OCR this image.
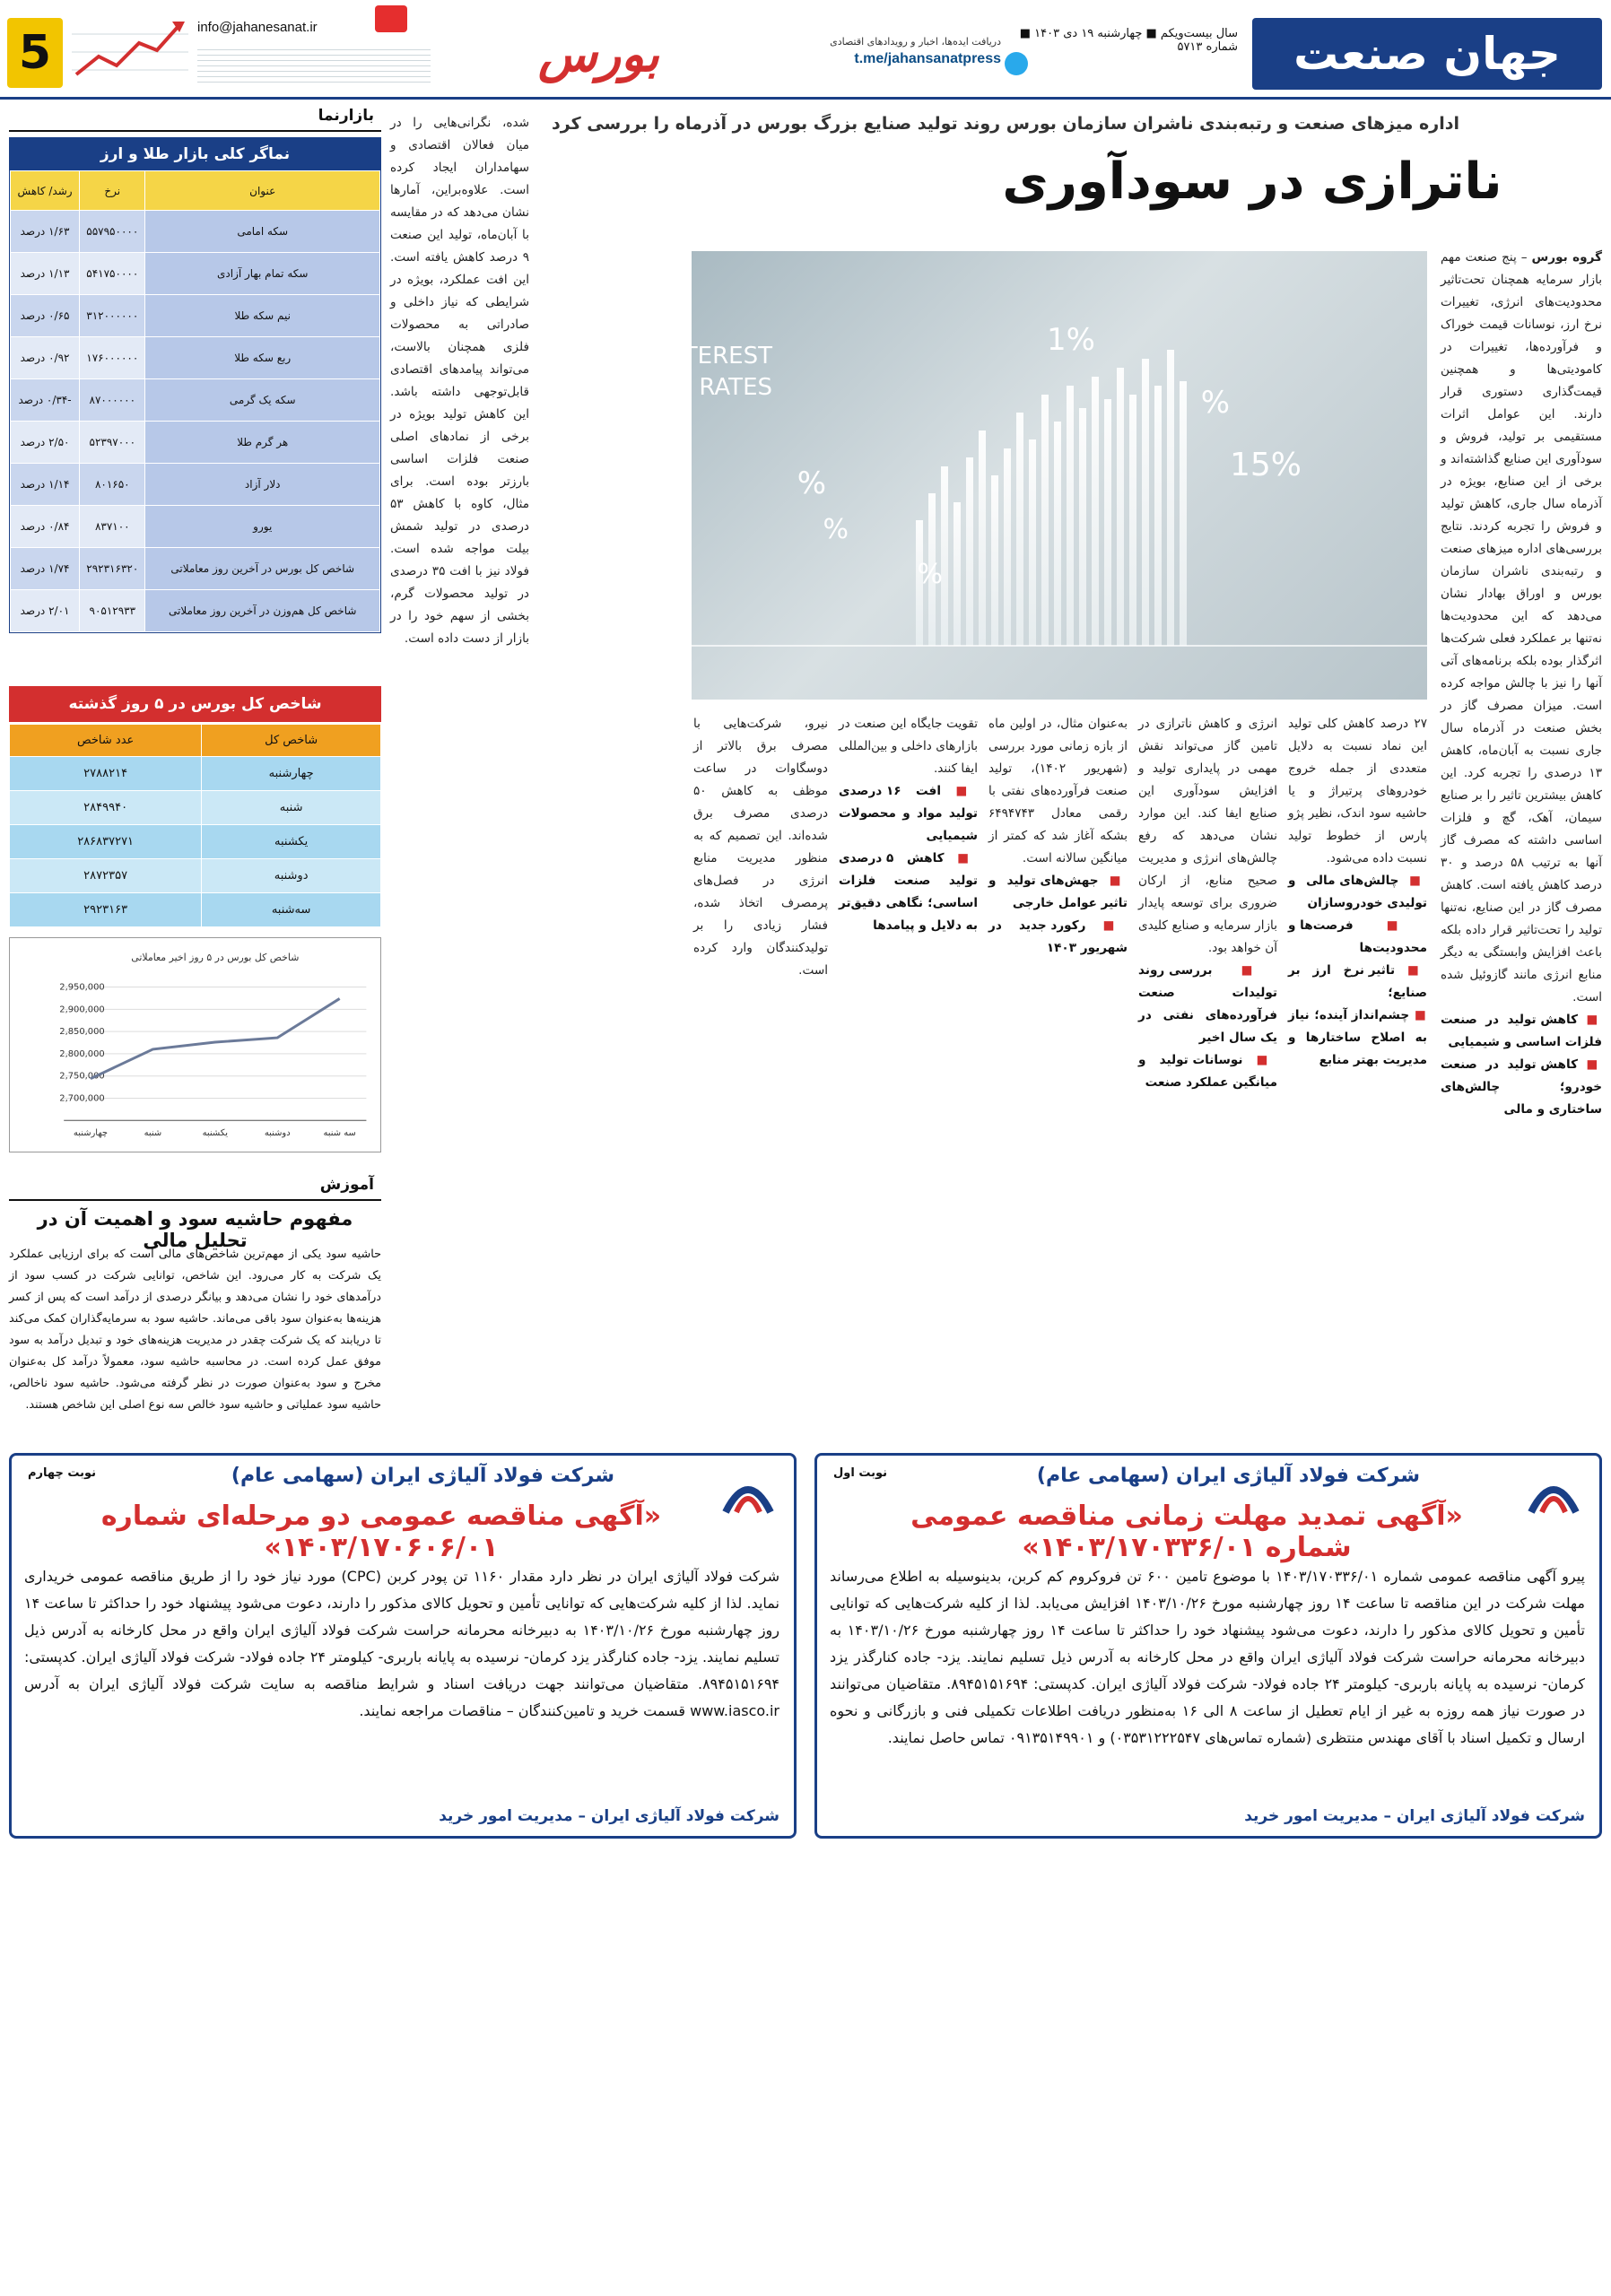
5	info@jahanesanat.ir	بورس	دریافت ایده‌ها، اخبار و رویدادهای اقتصادی
t.me/jahansanatpress
سال بیست‌ویکم ■ چهارشنبه ۱۹ دی ۱۴۰۳ ■ شماره ۵۷۱۳	جهان صنعت
اداره میزهای صنعت و رتبه‌بندی ناشران سازمان بورس روند تولید صنایع بزرگ بورس در آذرماه را بررسی کرد
ناترازی در سودآوری
INTEREST
RATES
1%
15%
%
%
%
%
گروه بورس – پنج صنعت مهم بازار سرمایه همچنان تحت‌تاثیر محدودیت‌های انرژی، تغییرات نرخ ارز، نوسانات قیمت خوراک و فرآورده‌ها، تغییرات در کامودیتی‌ها و همچنین قیمت‌گذاری دستوری قرار دارند. این عوامل اثرات مستقیمی بر تولید، فروش و سودآوری این صنایع گذاشته‌اند و برخی از این صنایع، بویژه در آذرماه سال جاری، کاهش تولید و فروش را تجربه کردند. نتایج بررسی‌های اداره میزهای صنعت و رتبه‌بندی ناشران سازمان بورس و اوراق بهادار نشان می‌دهد که این محدودیت‌ها نه‌تنها بر عملکرد فعلی شرکت‌ها اثرگذار بوده بلکه برنامه‌های آتی آنها را نیز با چالش مواجه کرده است. میزان مصرف گاز در بخش صنعت در آذرماه سال جاری نسبت به آبان‌ماه، کاهش ۱۳ درصدی را تجربه کرد. این کاهش بیشترین تاثیر را بر صنایع سیمان، آهک، گچ و فلزات اساسی داشته که مصرف گاز آنها به ترتیب ۵۸ درصد و ۳۰ درصد کاهش یافته است. کاهش مصرف گاز در این صنایع، نه‌تنها تولید را تحت‌تاثیر قرار داده بلکه باعث افزایش وابستگی به دیگر منابع انرژی مانند گازوئیل شده است.

■ کاهش تولید در صنعت فلزات اساسی و شیمیایی

■ کاهش تولید در صنعت خودرو؛ چالش‌های ساختاری و مالی

۲۷ درصد کاهش کلی تولید این نماد نسبت به دلایل متعددی از جمله خروج خودروهای پرتیراژ و یا حاشیه سود اندک، نظیر پژو پارس از خطوط تولید نسبت داده می‌شود.

■ چالش‌های مالی و تولیدی خودروسازان

■ فرصت‌ها و محدودیت‌ها

■ تاثیر نرخ ارز بر صنایع؛

■ چشم‌انداز آینده؛ نیاز به اصلاح ساختارها و مدیریت بهتر منابع

انرژی و کاهش ناترازی در تامین گاز می‌تواند نقش مهمی در پایداری تولید و افزایش سودآوری این صنایع ایفا کند. این موارد نشان می‌دهد که رفع چالش‌های انرژی و مدیریت صحیح منابع، از ارکان ضروری برای توسعه پایدار بازار سرمایه و صنایع کلیدی آن خواهد بود.

■ بررسی روند تولیدات صنعت فرآورده‌های نفتی در یک سال اخیر

■ نوسانات تولید و میانگین عملکرد صنعت

به‌عنوان مثال، در اولین ماه از بازه زمانی مورد بررسی (شهریور ۱۴۰۲)، تولید صنعت فرآورده‌های نفتی با رقمی معادل ۶۴۹۴۷۴۳ بشکه آغاز شد که کمتر از میانگین سالانه است.

■ جهش‌های تولید و تاثیر عوامل خارجی

■ رکورد جدید در شهریور ۱۴۰۳

تقویت جایگاه این صنعت در بازارهای داخلی و بین‌المللی ایفا کنند.

■ افت ۱۶ درصدی تولید مواد و محصولات شیمیایی

■ کاهش ۵ درصدی تولید صنعت فلزات اساسی؛ نگاهی دقیق‌تر به دلایل و پیامدها

نیرو، شرکت‌هایی با مصرف برق بالاتر از دوسگاوات در ساعت موظف به کاهش ۵۰ درصدی مصرف برق شده‌اند. این تصمیم که به منظور مدیریت منابع انرژی در فصل‌های پرمصرف اتخاذ شده، فشار زیادی را بر تولیدکنندگان وارد کرده است.
شده، نگرانی‌هایی را در میان فعالان اقتصادی و سهامداران ایجاد کرده است. علاوه‌براین، آمارها نشان می‌دهد که در مقایسه با آبان‌ماه، تولید این صنعت ۹ درصد کاهش یافته است. این افت عملکرد، بویژه در شرایطی که نیاز داخلی و صادراتی به محصولات فلزی همچنان بالاست، می‌تواند پیامدهای اقتصادی قابل‌توجهی داشته باشد. این کاهش تولید بویژه در برخی از نمادهای اصلی صنعت فلزات اساسی بارزتر بوده است. برای مثال، کاوه با کاهش ۵۳ درصدی در تولید شمش بیلت مواجه شده است. فولاد نیز با افت ۳۵ درصدی در تولید محصولات گرم، بخشی از سهم خود را در بازار از دست داده است.
بازارنما
نماگر کلی بازار طلا و ارز
عنوان	نرخ	رشد/ کاهش
سکه امامی	۵۵۷۹۵۰۰۰۰	۱/۶۳ درصد
سکه تمام بهار آزادی	۵۴۱۷۵۰۰۰۰	۱/۱۳ درصد
نیم سکه طلا	۳۱۲۰۰۰۰۰۰	۰/۶۵ درصد
ربع سکه طلا	۱۷۶۰۰۰۰۰۰	۰/۹۲ درصد
سکه یک گرمی	۸۷۰۰۰۰۰۰	-۰/۳۴ درصد
هر گرم طلا	۵۲۳۹۷۰۰۰	۲/۵۰ درصد
دلار آزاد	۸۰۱۶۵۰	۱/۱۴ درصد
یورو	۸۳۷۱۰۰	۰/۸۴ درصد
شاخص کل بورس در آخرین روز معاملاتی	۲۹۲۳۱۶۳۲۰	۱/۷۴ درصد
شاخص کل هم‌وزن در آخرین روز معاملاتی	۹۰۵۱۲۹۳۳	۲/۰۱ درصد
شاخص کل بورس در ۵ روز گذشته
شاخص کل	عدد شاخص
چهارشنبه	۲۷۸۸۲۱۴
شنبه	۲۸۴۹۹۴۰
یکشنبه	۲۸۶۸۳۷۲۷۱
دوشنبه	۲۸۷۲۳۵۷
سه‌شنبه	۲۹۲۳۱۶۳
2,950,000
2,900,000
2,850,000
2,800,000
2,750,000
2,700,000
شاخص کل بورس در ۵ روز اخیر معاملاتی
چهارشنبه	شنبه	یکشنبه	دوشنبه	سه شنبه
آموزش
مفهوم حاشیه سود و اهمیت آن در تحلیل مالی
حاشیه سود یکی از مهم‌ترین شاخص‌های مالی است که برای ارزیابی عملکرد یک شرکت به کار می‌رود. این شاخص، توانایی شرکت در کسب سود از درآمدهای خود را نشان می‌دهد و بیانگر درصدی از درآمد است که پس از کسر هزینه‌ها به‌عنوان سود باقی می‌ماند. حاشیه سود به سرمایه‌گذاران کمک می‌کند تا دریابند که یک شرکت چقدر در مدیریت هزینه‌های خود و تبدیل درآمد به سود موفق عمل کرده است. در محاسبه حاشیه سود، معمولاً درآمد کل به‌عنوان مخرج و سود به‌عنوان صورت در نظر گرفته می‌شود. حاشیه سود ناخالص، حاشیه سود عملیاتی و حاشیه سود خالص سه نوع اصلی این شاخص هستند.
نوبت اول	شرکت فولاد آلیاژی ایران (سهامی عام)
«آگهی تمدید مهلت زمانی مناقصه عمومی شماره ۱۴۰۳/۱۷۰۳۳۶/۰۱»
پیرو آگهی مناقصه عمومی شماره ۱۴۰۳/۱۷۰۳۳۶/۰۱ با موضوع تامین ۶۰۰ تن فروکروم کم کربن، بدینوسیله به اطلاع می‌رساند مهلت شرکت در این مناقصه تا ساعت ۱۴ روز چهارشنبه مورخ ۱۴۰۳/۱۰/۲۶ افزایش می‌یابد. لذا از کلیه شرکت‌هایی که توانایی تأمین و تحویل کالای مذکور را دارند، دعوت می‌شود پیشنهاد خود را حداکثر تا ساعت ۱۴ روز چهارشنبه مورخ ۱۴۰۳/۱۰/۲۶ به دبیرخانه محرمانه حراست شرکت فولاد آلیاژی ایران واقع در محل کارخانه به آدرس ذیل تسلیم نمایند. یزد- جاده کنارگذر یزد کرمان- نرسیده به پایانه باربری- کیلومتر ۲۴ جاده فولاد- شرکت فولاد آلیاژی ایران. کدپستی: ۸۹۴۵۱۵۱۶۹۴. متقاضیان می‌توانند در صورت نیاز همه روزه به غیر از ایام تعطیل از ساعت ۸ الی ۱۶ به‌منظور دریافت اطلاعات تکمیلی فنی و بازرگانی و نحوه ارسال و تکمیل اسناد با آقای مهندس منتظری (شماره تماس‌های ۰۳۵۳۱۲۲۲۵۴۷) و ۰۹۱۳۵۱۴۹۹۰۱ تماس حاصل نمایند.
شرکت فولاد آلیاژی ایران – مدیریت امور خرید
نوبت چهارم	شرکت فولاد آلیاژی ایران (سهامی عام)
«آگهی مناقصه عمومی دو مرحله‌ای شماره ۱۴۰۳/۱۷۰۶۰۶/۰۱»
شرکت فولاد آلیاژی ایران در نظر دارد مقدار ۱۱۶۰ تن پودر کربن (CPC) مورد نیاز خود را از طریق مناقصه عمومی خریداری نماید. لذا از کلیه شرکت‌هایی که توانایی تأمین و تحویل کالای مذکور را دارند، دعوت می‌شود پیشنهاد خود را حداکثر تا ساعت ۱۴ روز چهارشنبه مورخ ۱۴۰۳/۱۰/۲۶ به دبیرخانه محرمانه حراست شرکت فولاد آلیاژی ایران واقع در محل کارخانه به آدرس ذیل تسلیم نمایند. یزد- جاده کنارگذر یزد کرمان- نرسیده به پایانه باربری- کیلومتر ۲۴ جاده فولاد- شرکت فولاد آلیاژی ایران. کدپستی: ۸۹۴۵۱۵۱۶۹۴. متقاضیان می‌توانند جهت دریافت اسناد و شرایط مناقصه به سایت شرکت فولاد آلیاژی ایران به آدرس www.iasco.ir قسمت خرید و تامین‌کنندگان – مناقصات مراجعه نمایند.
شرکت فولاد آلیاژی ایران – مدیریت امور خرید
